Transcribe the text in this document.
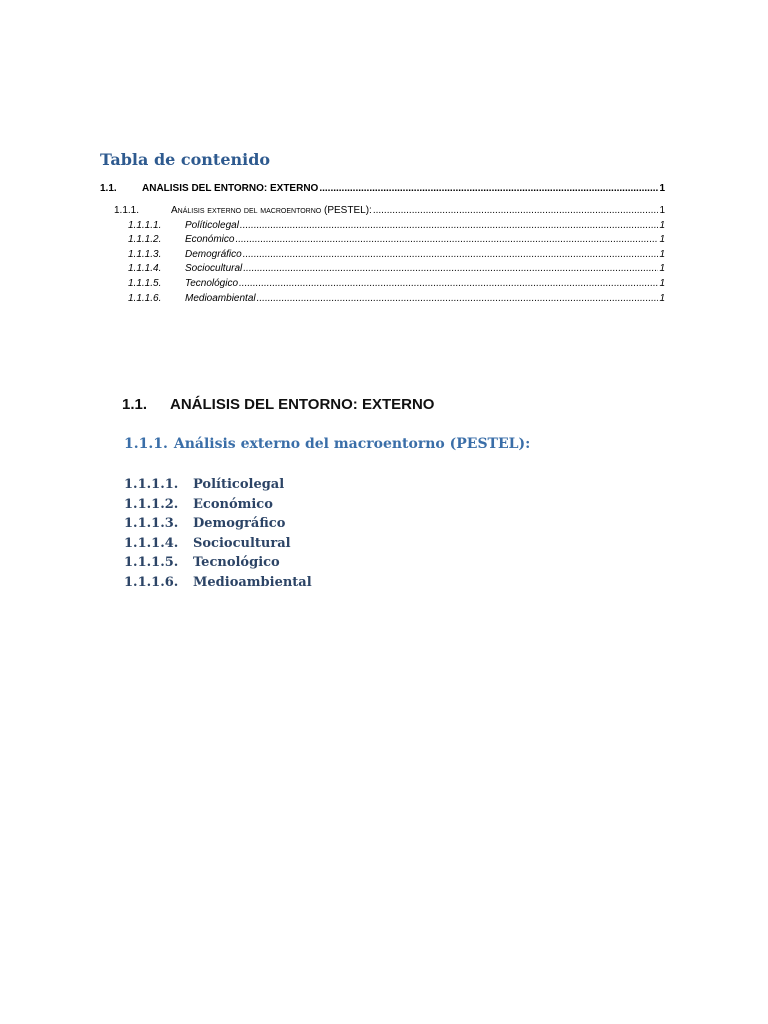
Tabla de contenido
1.1.	ANÁLISIS DEL ENTORNO: EXTERNO .....	1
1.1.1.	Análisis externo del macroentorno (PESTEL): .....	1
1.1.1.1.	Políticolegal .....	1
1.1.1.2.	Económico .....	1
1.1.1.3.	Demográfico .....	1
1.1.1.4.	Sociocultural .....	1
1.1.1.5.	Tecnológico .....	1
1.1.1.6.	Medioambiental .....	1
1.1. ANÁLISIS DEL ENTORNO: EXTERNO
1.1.1. Análisis externo del macroentorno (PESTEL):
1.1.1.1. Políticolegal
1.1.1.2. Económico
1.1.1.3. Demográfico
1.1.1.4. Sociocultural
1.1.1.5. Tecnológico
1.1.1.6. Medioambiental
